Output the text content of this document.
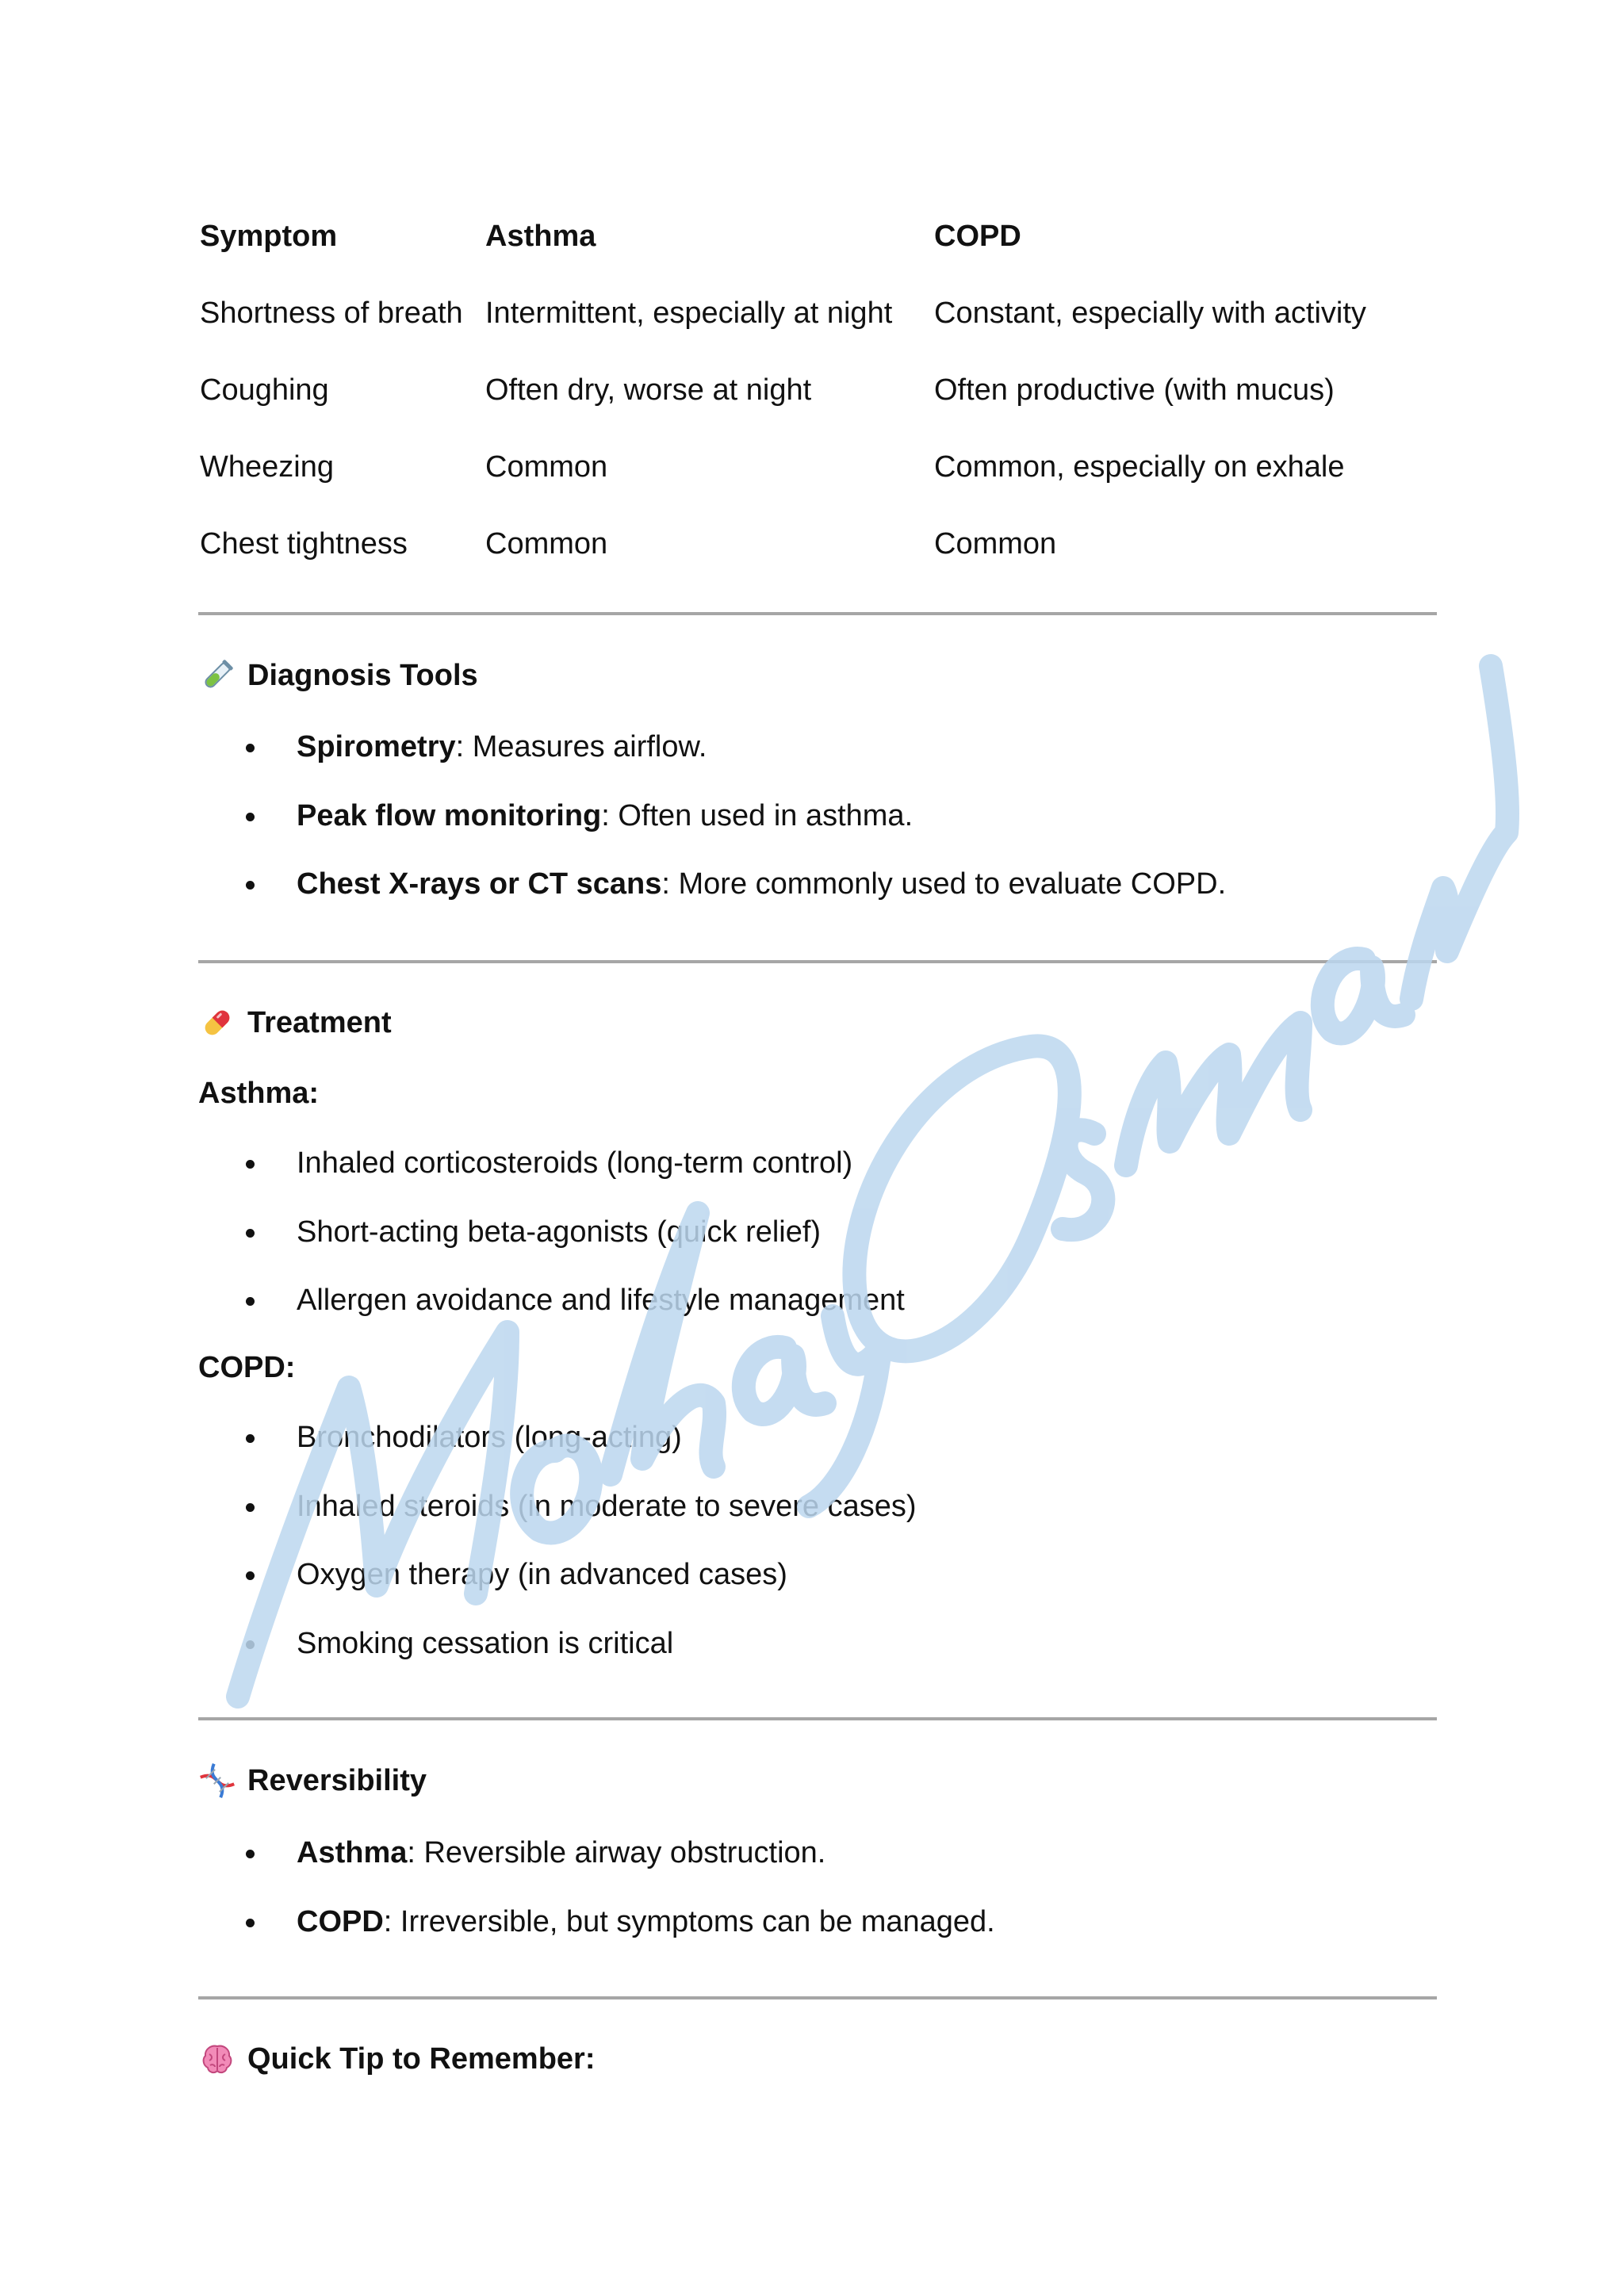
Symptom	Asthma	COPD
Shortness of breath	Intermittent, especially at night	Constant, especially with activity
Coughing	Often dry, worse at night	Often productive (with mucus)
Wheezing	Common	Common, especially on exhale
Chest tightness	Common	Common
Diagnosis Tools
Spirometry: Measures airflow.
Peak flow monitoring: Often used in asthma.
Chest X-rays or CT scans: More commonly used to evaluate COPD.
Treatment
Asthma:
Inhaled corticosteroids (long-term control)
Short-acting beta-agonists (quick relief)
Allergen avoidance and lifestyle management
COPD:
Bronchodilators (long-acting)
Inhaled steroids (in moderate to severe cases)
Oxygen therapy (in advanced cases)
Smoking cessation is critical
Reversibility
Asthma: Reversible airway obstruction.
COPD: Irreversible, but symptoms can be managed.
Quick Tip to Remember:
